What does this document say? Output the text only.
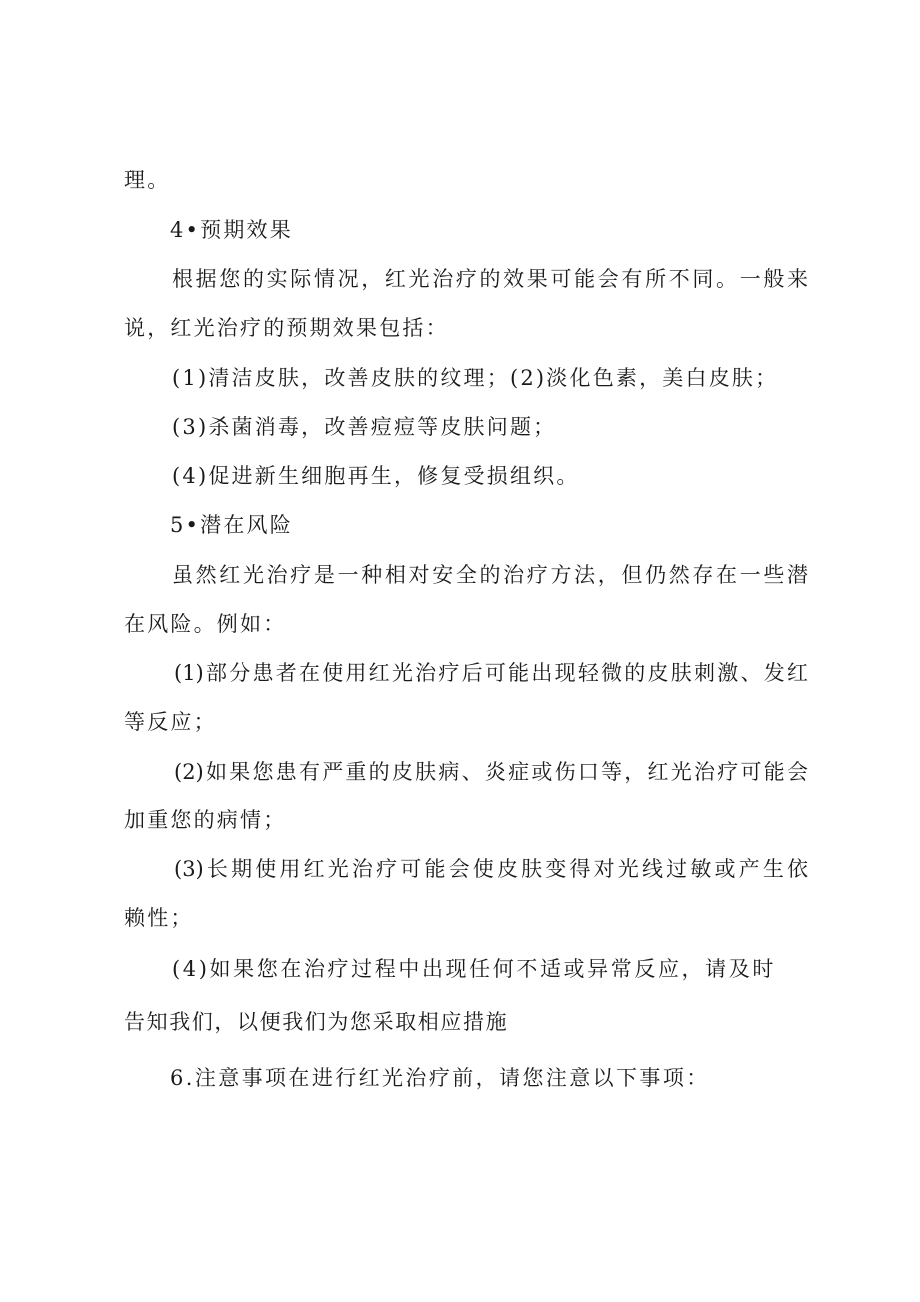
理。
4•预期效果
根据您的实际情况，红光治疗的效果可能会有所不同。一般来
说，红光治疗的预期效果包括：
(1)清洁皮肤，改善皮肤的纹理；(2)淡化色素，美白皮肤；
(3)杀菌消毒，改善痘痘等皮肤问题；
(4)促进新生细胞再生，修复受损组织。
5•潜在风险
虽然红光治疗是一种相对安全的治疗方法，但仍然存在一些潜
在风险。例如：
(1)部分患者在使用红光治疗后可能出现轻微的皮肤刺激、发红
等反应；
(2)如果您患有严重的皮肤病、炎症或伤口等，红光治疗可能会
加重您的病情；
(3)长期使用红光治疗可能会使皮肤变得对光线过敏或产生依
赖性；
(4)如果您在治疗过程中出现任何不适或异常反应，请及时
告知我们，以便我们为您采取相应措施
6.注意事项在进行红光治疗前，请您注意以下事项：
